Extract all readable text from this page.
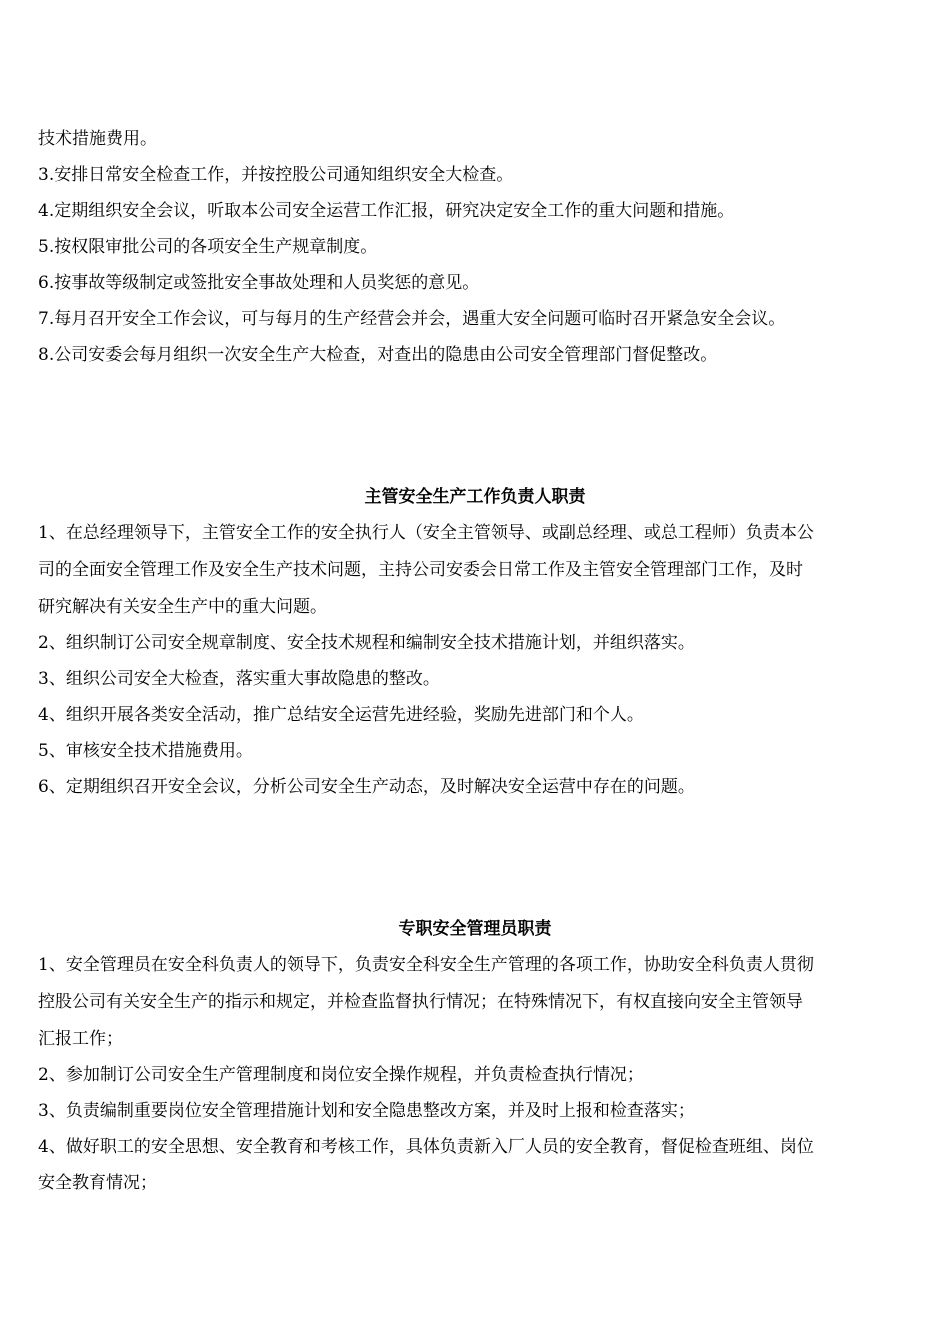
技术措施费用。
3.安排日常安全检查工作，并按控股公司通知组织安全大检查。
4.定期组织安全会议，听取本公司安全运营工作汇报，研究决定安全工作的重大问题和措施。
5.按权限审批公司的各项安全生产规章制度。
6.按事故等级制定或签批安全事故处理和人员奖惩的意见。
7.每月召开安全工作会议，可与每月的生产经营会并会，遇重大安全问题可临时召开紧急安全会议。
8.公司安委会每月组织一次安全生产大检查，对查出的隐患由公司安全管理部门督促整改。
主管安全生产工作负责人职责
1、在总经理领导下，主管安全工作的安全执行人（安全主管领导、或副总经理、或总工程师）负责本公
司的全面安全管理工作及安全生产技术问题，主持公司安委会日常工作及主管安全管理部门工作，及时
研究解决有关安全生产中的重大问题。
2、组织制订公司安全规章制度、安全技术规程和编制安全技术措施计划，并组织落实。
3、组织公司安全大检查，落实重大事故隐患的整改。
4、组织开展各类安全活动，推广总结安全运营先进经验，奖励先进部门和个人。
5、审核安全技术措施费用。
6、定期组织召开安全会议，分析公司安全生产动态，及时解决安全运营中存在的问题。
专职安全管理员职责
1、安全管理员在安全科负责人的领导下，负责安全科安全生产管理的各项工作，协助安全科负责人贯彻
控股公司有关安全生产的指示和规定，并检查监督执行情况；在特殊情况下，有权直接向安全主管领导
汇报工作；
2、参加制订公司安全生产管理制度和岗位安全操作规程，并负责检查执行情况；
3、负责编制重要岗位安全管理措施计划和安全隐患整改方案，并及时上报和检查落实；
4、做好职工的安全思想、安全教育和考核工作，具体负责新入厂人员的安全教育，督促检查班组、岗位
安全教育情况；
